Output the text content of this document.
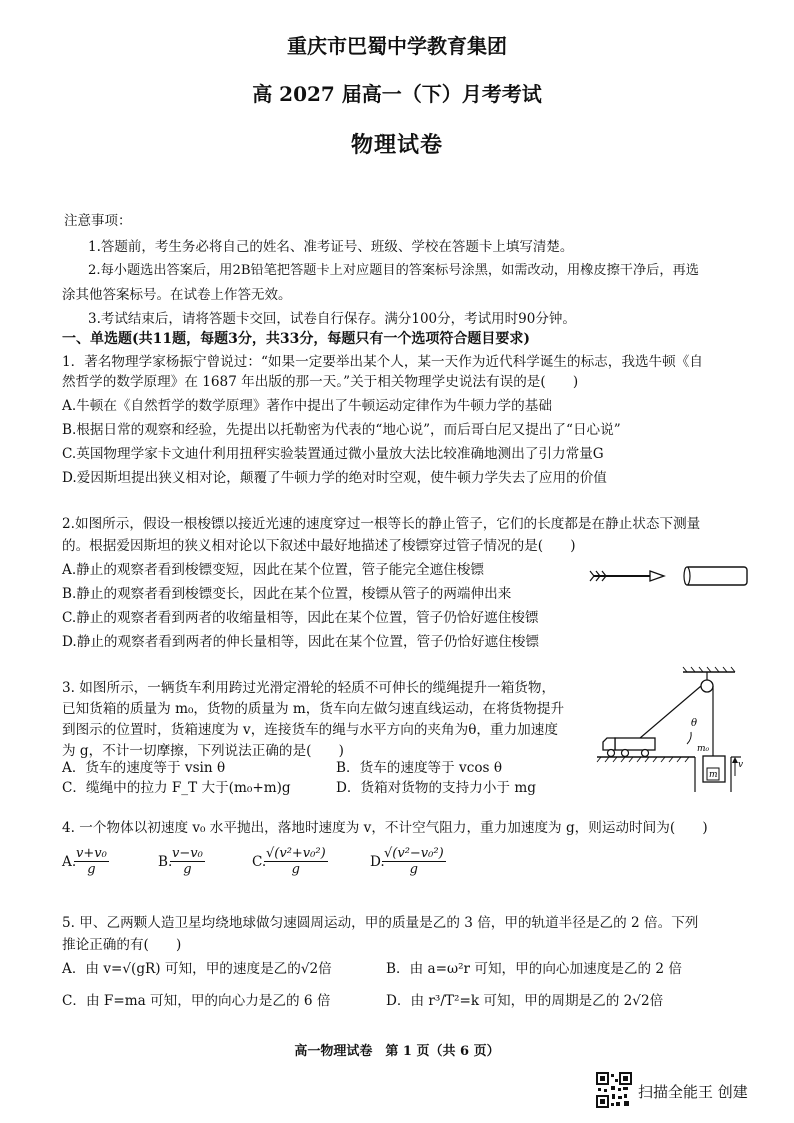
重庆市巴蜀中学教育集团
高 2027 届高一（下）月考考试
物理试卷
注意事项：
1.答题前，考生务必将自己的姓名、准考证号、班级、学校在答题卡上填写清楚。
2.每小题选出答案后，用2B铅笔把答题卡上对应题目的答案标号涂黑，如需改动，用橡皮擦干净后，再选
涂其他答案标号。在试卷上作答无效。
3.考试结束后，请将答题卡交回，试卷自行保存。满分100分，考试用时90分钟。
一、单选题(共11题，每题3分，共33分，每题只有一个选项符合题目要求)
1．著名物理学家杨振宁曾说过：“如果一定要举出某个人，某一天作为近代科学诞生的标志，我选牛顿《自
然哲学的数学原理》在 1687 年出版的那一天。”关于相关物理学史说法有误的是(　　)
A.牛顿在《自然哲学的数学原理》著作中提出了牛顿运动定律作为牛顿力学的基础
B.根据日常的观察和经验，先提出以托勒密为代表的“地心说”，而后哥白尼又提出了“日心说”
C.英国物理学家卡文迪什利用扭秤实验装置通过微小量放大法比较准确地测出了引力常量G
D.爱因斯坦提出狭义相对论，颠覆了牛顿力学的绝对时空观，使牛顿力学失去了应用的价值
2.如图所示，假设一根梭镖以接近光速的速度穿过一根等长的静止管子，它们的长度都是在静止状态下测量
的。根据爱因斯坦的狭义相对论以下叙述中最好地描述了梭镖穿过管子情况的是(　　)
A.静止的观察者看到梭镖变短，因此在某个位置，管子能完全遮住梭镖
B.静止的观察者看到梭镖变长，因此在某个位置，梭镖从管子的两端伸出来
C.静止的观察者看到两者的收缩量相等，因此在某个位置，管子仍恰好遮住梭镖
D.静止的观察者看到两者的伸长量相等，因此在某个位置，管子仍恰好遮住梭镖
3. 如图所示，一辆货车利用跨过光滑定滑轮的轻质不可伸长的缆绳提升一箱货物，
已知货箱的质量为 m₀，货物的质量为 m，货车向左做匀速直线运动，在将货物提升
到图示的位置时，货箱速度为 v，连接货车的绳与水平方向的夹角为θ，重力加速度
为 g，不计一切摩擦，下列说法正确的是(　　)
A．货车的速度等于 vsin θ	B．货车的速度等于 vcos θ
C．缆绳中的拉力 F_T 大于(m₀+m)g	D．货箱对货物的支持力小于 mg
θ
m₀
m
v
4. 一个物体以初速度 v₀ 水平抛出，落地时速度为 v，不计空气阻力，重力加速度为 g，则运动时间为(　　)
A.
$\frac{\text{v+v₀}}{g}$	B.
$\frac{\text{v−v₀}}{g}$	C.
$\frac{\text{√(v²+v₀²)}}{g}$	D.
$\frac{\text{√(v²−v₀²)}}{g}$
5. 甲、乙两颗人造卫星均绕地球做匀速圆周运动，甲的质量是乙的 3 倍，甲的轨道半径是乙的 2 倍。下列
推论正确的有(　　)
A．由 v=√(gR) 可知，甲的速度是乙的√2倍	B．由 a=ω²r 可知，甲的向心加速度是乙的 2 倍
C．由 F=ma 可知，甲的向心力是乙的 6 倍	D．由 r³/T²=k 可知，甲的周期是乙的 2√2倍
高一物理试卷　第 1 页（共 6 页）
扫描全能王 创建
